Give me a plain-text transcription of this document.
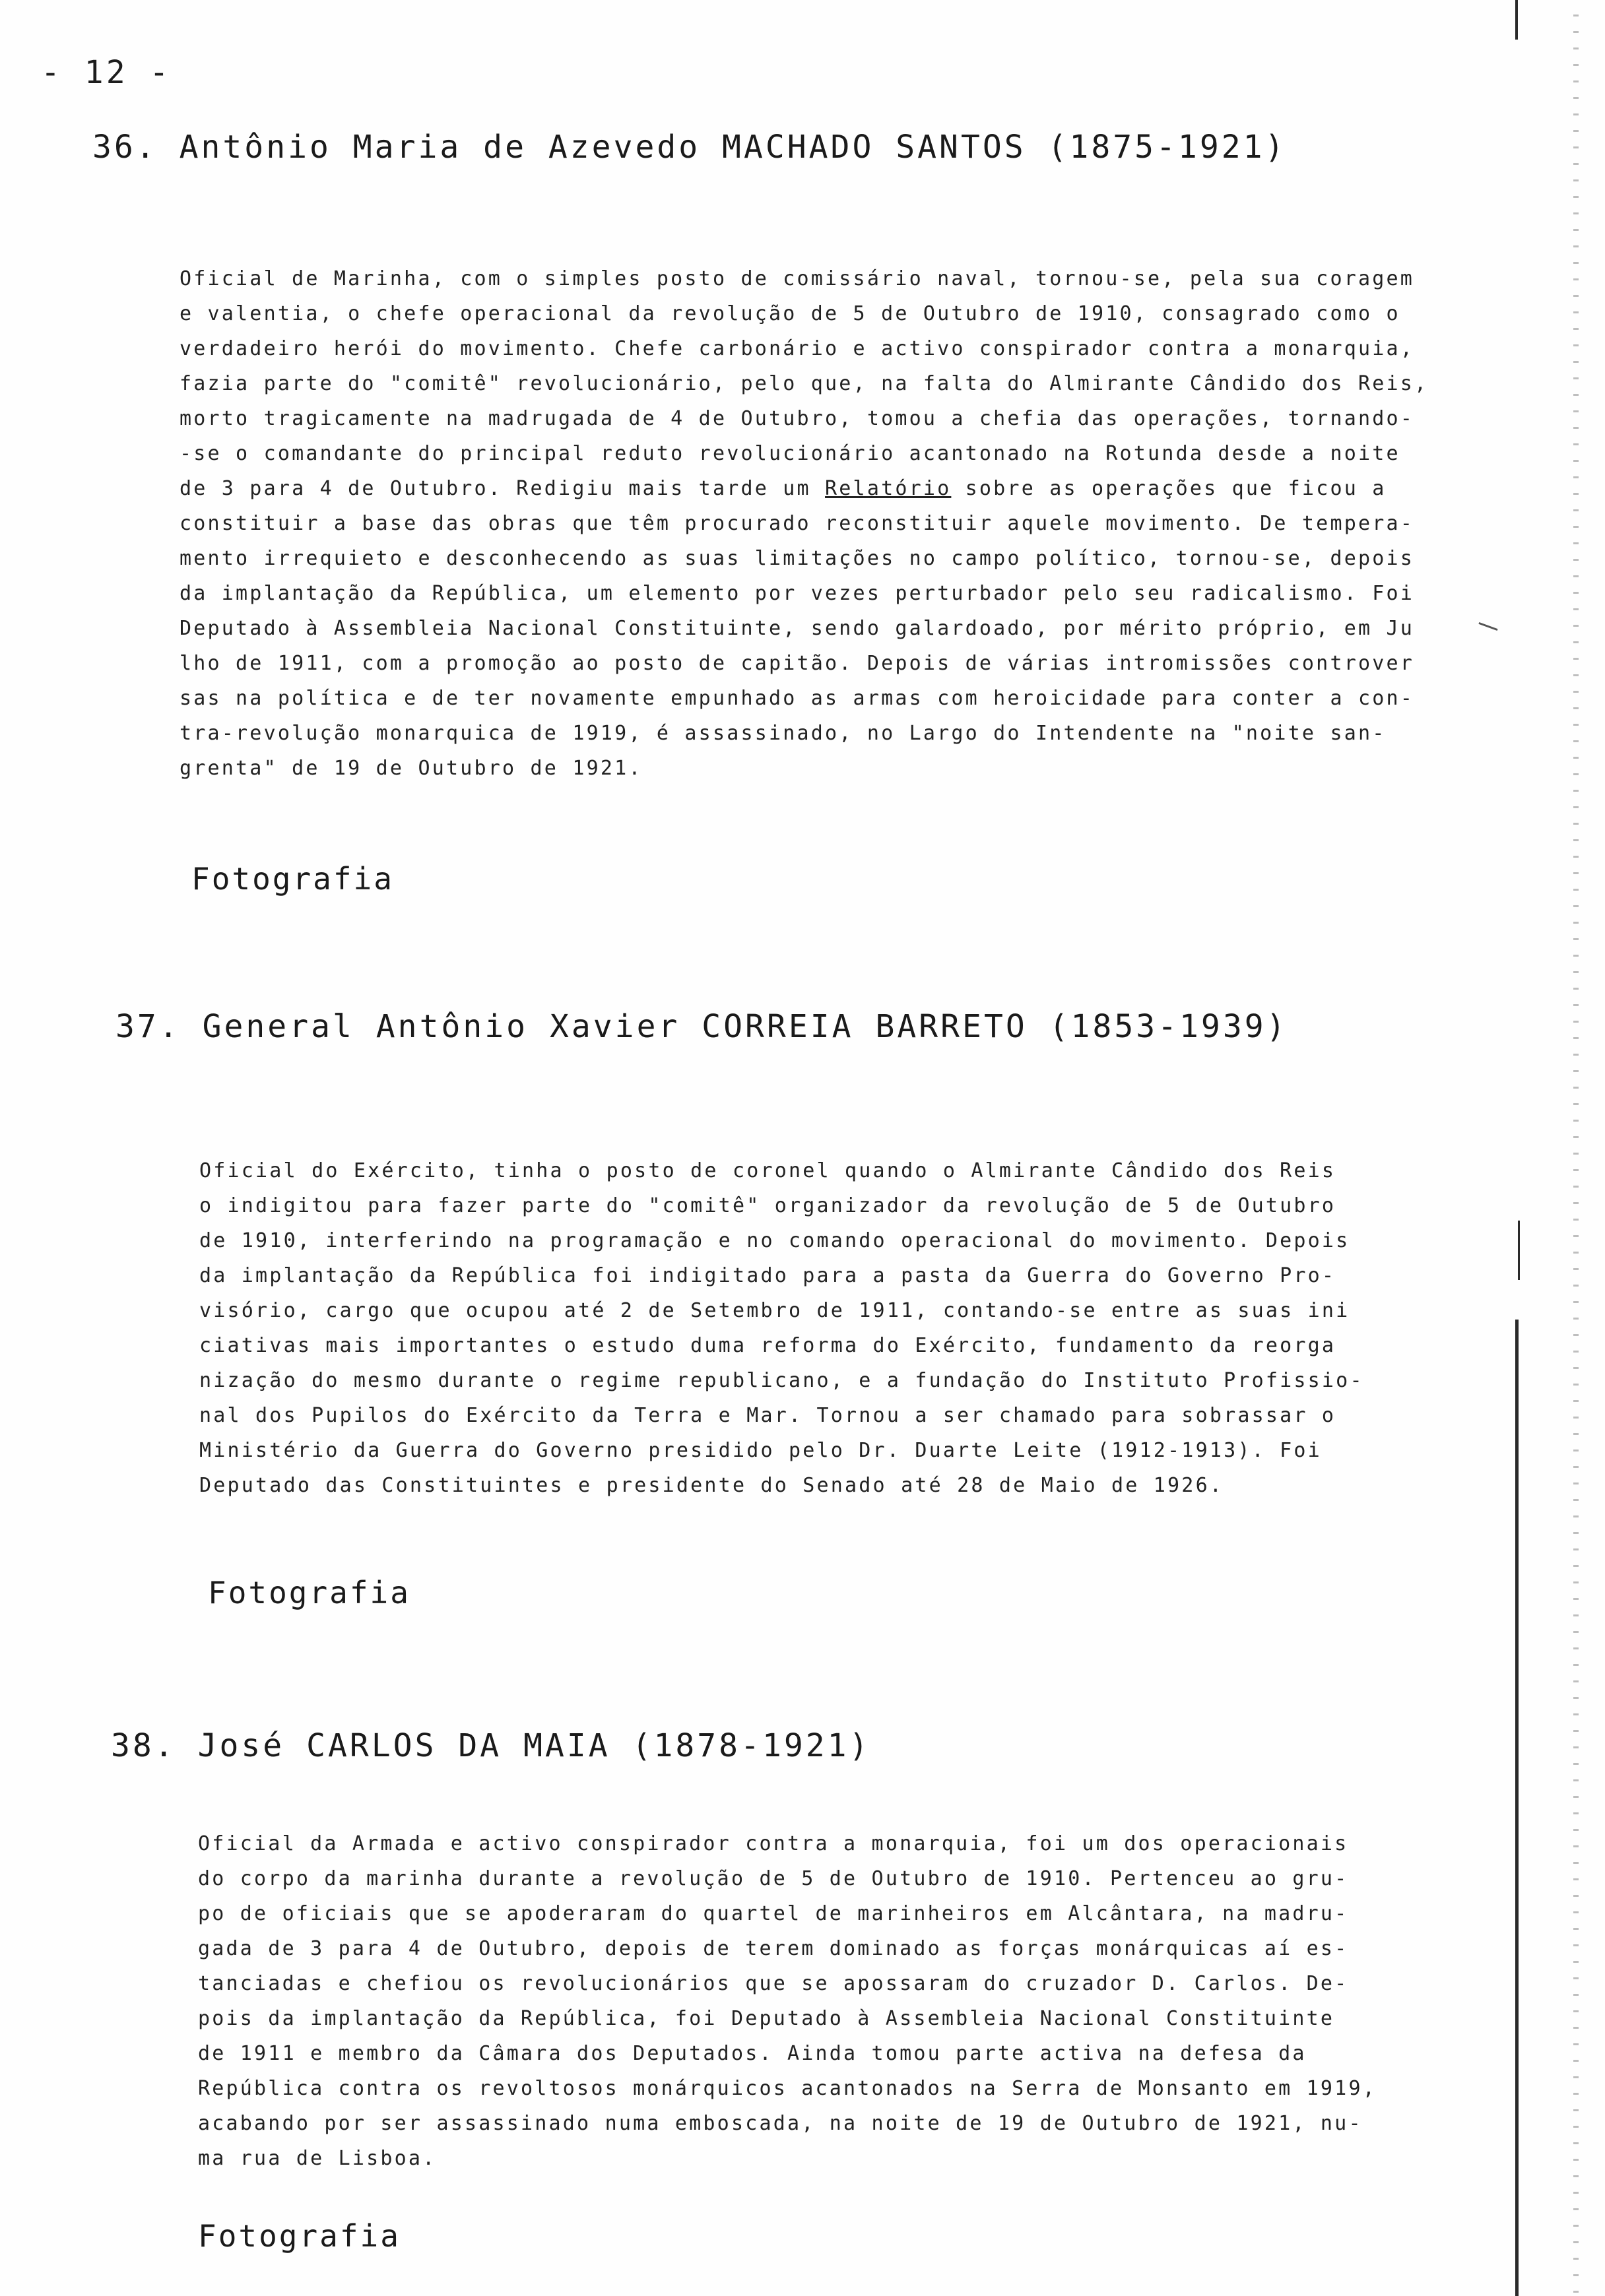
- 12 -
36. Antônio Maria de Azevedo MACHADO SANTOS (1875-1921)
Oficial de Marinha, com o simples posto de comissário naval, tornou-se, pela sua coragem
e valentia, o chefe operacional da revolução de 5 de Outubro de 1910, consagrado como o
verdadeiro herói do movimento. Chefe carbonário e activo conspirador contra a monarquia,
fazia parte do "comitê" revolucionário, pelo que, na falta do Almirante Cândido dos Reis,
morto tragicamente na madrugada de 4 de Outubro, tomou a chefia das operações, tornando-
-se o comandante do principal reduto revolucionário acantonado na Rotunda desde a noite
de 3 para 4 de Outubro. Redigiu mais tarde um Relatório sobre as operações que ficou a
constituir a base das obras que têm procurado reconstituir aquele movimento. De tempera-
mento irrequieto e desconhecendo as suas limitações no campo político, tornou-se, depois
da implantação da República, um elemento por vezes perturbador pelo seu radicalismo. Foi
Deputado à Assembleia Nacional Constituinte, sendo galardoado, por mérito próprio, em Ju
lho de 1911, com a promoção ao posto de capitão. Depois de várias intromissões controver
sas na política e de ter novamente empunhado as armas com heroicidade para conter a con-
tra-revolução monarquica de 1919, é assassinado, no Largo do Intendente na "noite san-
grenta" de 19 de Outubro de 1921.
Fotografia
37. General Antônio Xavier CORREIA BARRETO (1853-1939)
Oficial do Exército, tinha o posto de coronel quando o Almirante Cândido dos Reis
o indigitou para fazer parte do "comitê" organizador da revolução de 5 de Outubro
de 1910, interferindo na programação e no comando operacional do movimento. Depois
da implantação da República foi indigitado para a pasta da Guerra do Governo Pro-
visório, cargo que ocupou até 2 de Setembro de 1911, contando-se entre as suas ini
ciativas mais importantes o estudo duma reforma do Exército, fundamento da reorga
nização do mesmo durante o regime republicano, e a fundação do Instituto Profissio-
nal dos Pupilos do Exército da Terra e Mar. Tornou a ser chamado para sobrassar o
Ministério da Guerra do Governo presidido pelo Dr. Duarte Leite (1912-1913). Foi
Deputado das Constituintes e presidente do Senado até 28 de Maio de 1926.
Fotografia
38. José CARLOS DA MAIA (1878-1921)
Oficial da Armada e activo conspirador contra a monarquia, foi um dos operacionais
do corpo da marinha durante a revolução de 5 de Outubro de 1910. Pertenceu ao gru-
po de oficiais que se apoderaram do quartel de marinheiros em Alcântara, na madru-
gada de 3 para 4 de Outubro, depois de terem dominado as forças monárquicas aí es-
tanciadas e chefiou os revolucionários que se apossaram do cruzador D. Carlos. De-
pois da implantação da República, foi Deputado à Assembleia Nacional Constituinte
de 1911 e membro da Câmara dos Deputados. Ainda tomou parte activa na defesa da
República contra os revoltosos monárquicos acantonados na Serra de Monsanto em 1919,
acabando por ser assassinado numa emboscada, na noite de 19 de Outubro de 1921, nu-
ma rua de Lisboa.
Fotografia
